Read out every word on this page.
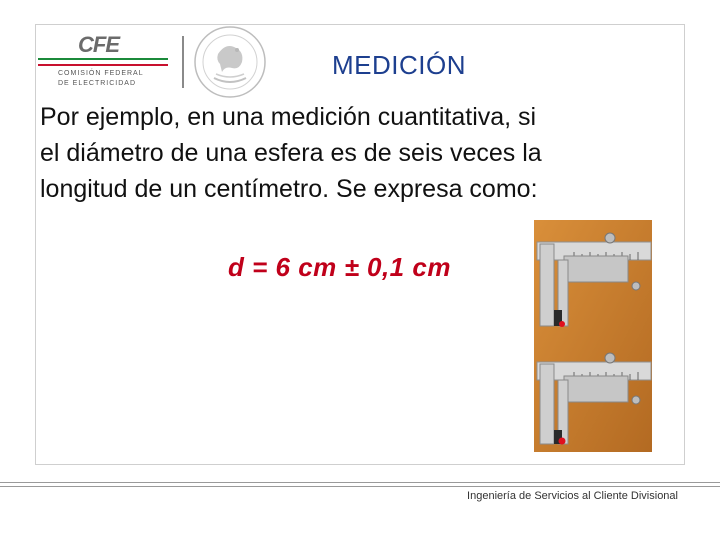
CFE
COMISIÓN FEDERAL
DE ELECTRICIDAD
MEDICIÓN
Por ejemplo, en una medición cuantitativa, si
el diámetro de una esfera es de seis veces la
longitud de un centímetro. Se expresa como:
d = 6 cm ± 0,1 cm
Ingeniería de Servicios al Cliente Divisional
